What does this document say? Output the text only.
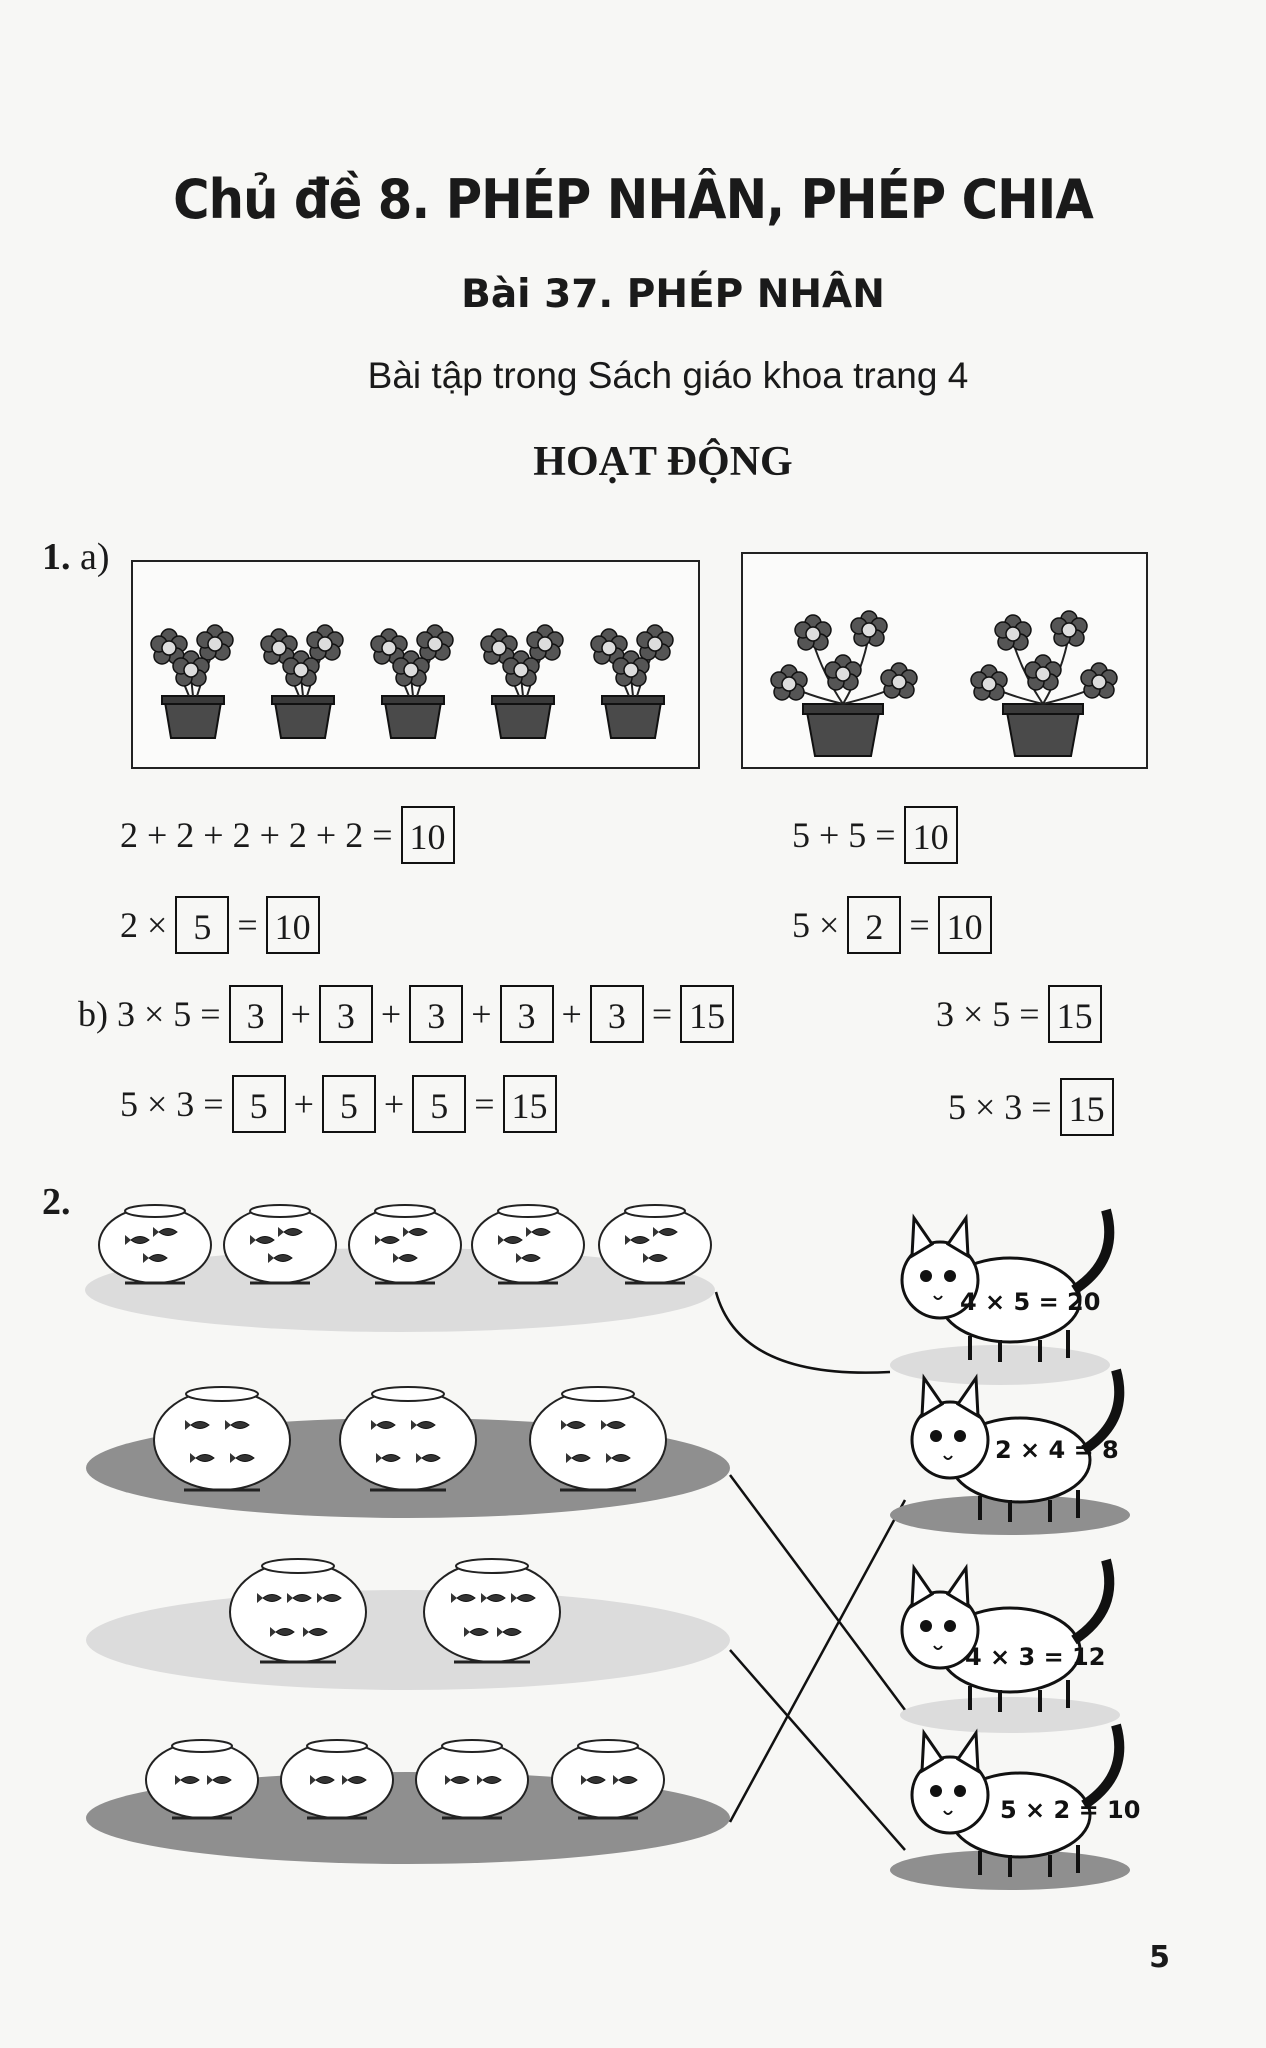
Chủ đề 8. PHÉP NHÂN, PHÉP CHIA
Bài 37. PHÉP NHÂN
Bài tập trong Sách giáo khoa trang 4
HOẠT ĐỘNG
1. a)
2 + 2 + 2 + 2 + 2 = 10
2 × 5 = 10
5 + 5 = 10
5 × 2 = 10
b)
3 × 5 = 3 + 3 + 3 + 3 + 3 = 15	3 × 5 = 15
5 × 3 = 5 + 5 + 5 = 15	5 × 3 = 15
2.
4 × 5 = 20
2 × 4 = 8
4 × 3 = 12
5 × 2 = 10
5
